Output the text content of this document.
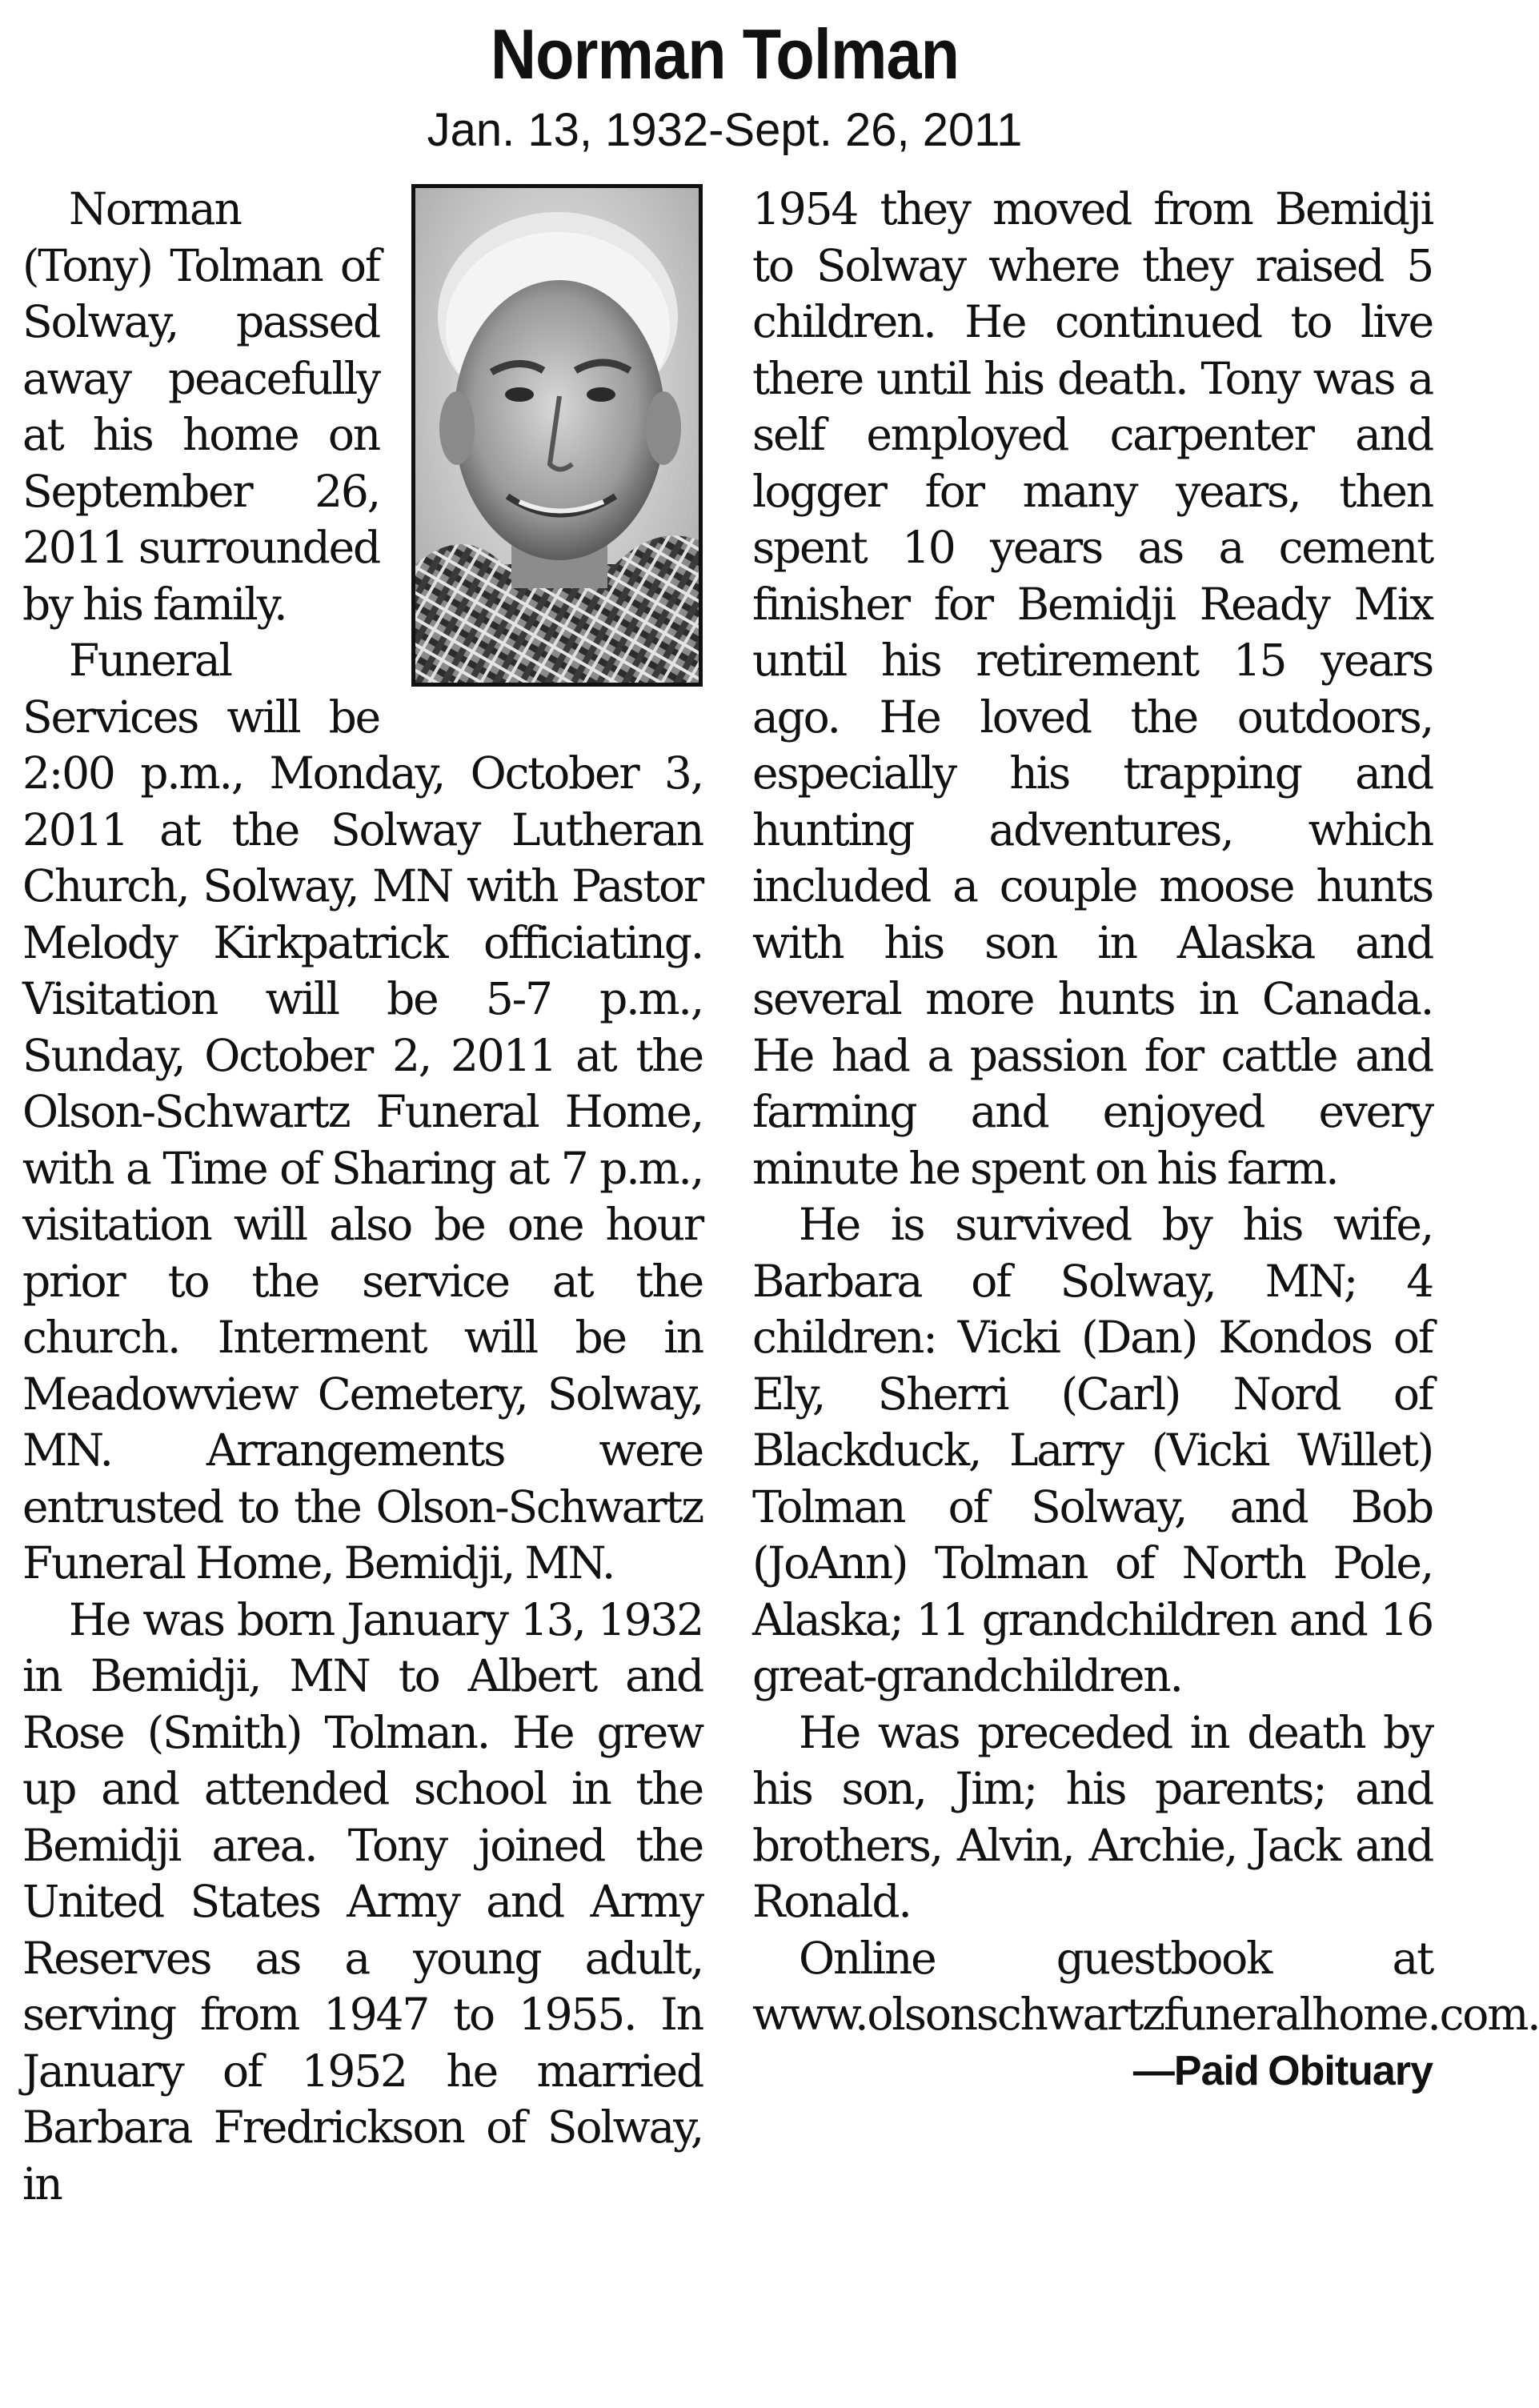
Norman Tolman
Jan. 13, 1932-Sept. 26, 2011

Norman (Tony) Tolman of Solway, passed away peacefully at his home on September 26, 2011 surrounded by his family.

Funeral Services will be 2:00 p.m., Monday, October 3, 2011 at the Solway Lutheran Church, Solway, MN with Pastor Melody Kirkpatrick officiating. Visitation will be 5-7 p.m., Sunday, October 2, 2011 at the Olson-Schwartz Funeral Home, with a Time of Sharing at 7 p.m., visitation will also be one hour prior to the service at the church. Interment will be in Meadowview Cemetery, Solway, MN. Arrangements were entrusted to the Olson-Schwartz Funeral Home, Bemidji, MN.

He was born January 13, 1932 in Bemidji, MN to Albert and Rose (Smith) Tolman. He grew up and attended school in the Bemidji area. Tony joined the United States Army and Army Reserves as a young adult, serving from 1947 to 1955. In January of 1952 he married Barbara Fredrickson of Solway, in

1954 they moved from Bemidji to Solway where they raised 5 children. He continued to live there until his death. Tony was a self employed carpenter and logger for many years, then spent 10 years as a cement finisher for Bemidji Ready Mix until his retirement 15 years ago. He loved the outdoors, especially his trapping and hunting adventures, which included a couple moose hunts with his son in Alaska and several more hunts in Canada. He had a passion for cattle and farming and enjoyed every minute he spent on his farm.

He is survived by his wife, Barbara of Solway, MN; 4 children: Vicki (Dan) Kondos of Ely, Sherri (Carl) Nord of Blackduck, Larry (Vicki Willet) Tolman of Solway, and Bob (JoAnn) Tolman of North Pole, Alaska; 11 grandchildren and 16 great-grandchildren.

He was preceded in death by his son, Jim; his parents; and brothers, Alvin, Archie, Jack and Ronald.

Online guestbook at www.olsonschwartzfuneralhome.com.

—Paid Obituary
